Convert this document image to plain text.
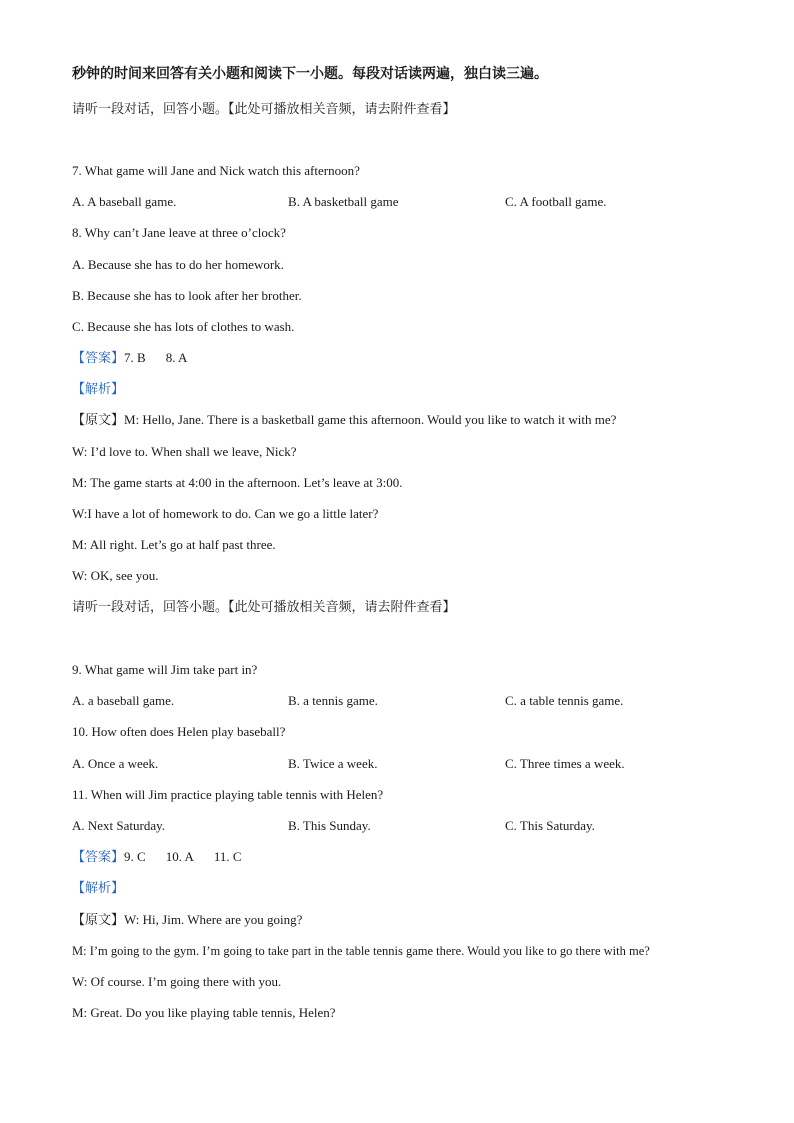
秒钟的时间来回答有关小题和阅读下一小题。每段对话读两遍，独白读三遍。
请听一段对话，回答小题。【此处可播放相关音频，请去附件查看】
7. What game will Jane and Nick watch this afternoon?
A. A baseball game.	B. A basketball game	C. A football game.
8. Why can’t Jane leave at three o’clock?
A. Because she has to do her homework.
B. Because she has to look after her brother.
C. Because she has lots of clothes to wash.
【答案】7. B 8. A
【解析】
【原文】M: Hello, Jane. There is a basketball game this afternoon. Would you like to watch it with me?
W: I’d love to. When shall we leave, Nick?
M: The game starts at 4:00 in the afternoon. Let’s leave at 3:00.
W:I have a lot of homework to do. Can we go a little later?
M: All right. Let’s go at half past three.
W: OK, see you.
请听一段对话，回答小题。【此处可播放相关音频，请去附件查看】
9. What game will Jim take part in?
A. a baseball game.	B. a tennis game.	C. a table tennis game.
10. How often does Helen play baseball?
A. Once a week.	B. Twice a week.	C. Three times a week.
11. When will Jim practice playing table tennis with Helen?
A. Next Saturday.	B. This Sunday.	C. This Saturday.
【答案】9. C 10. A 11. C
【解析】
【原文】W: Hi, Jim. Where are you going?
M: I’m going to the gym. I’m going to take part in the table tennis game there. Would you like to go there with me?
W: Of course. I’m going there with you.
M: Great. Do you like playing table tennis, Helen?
